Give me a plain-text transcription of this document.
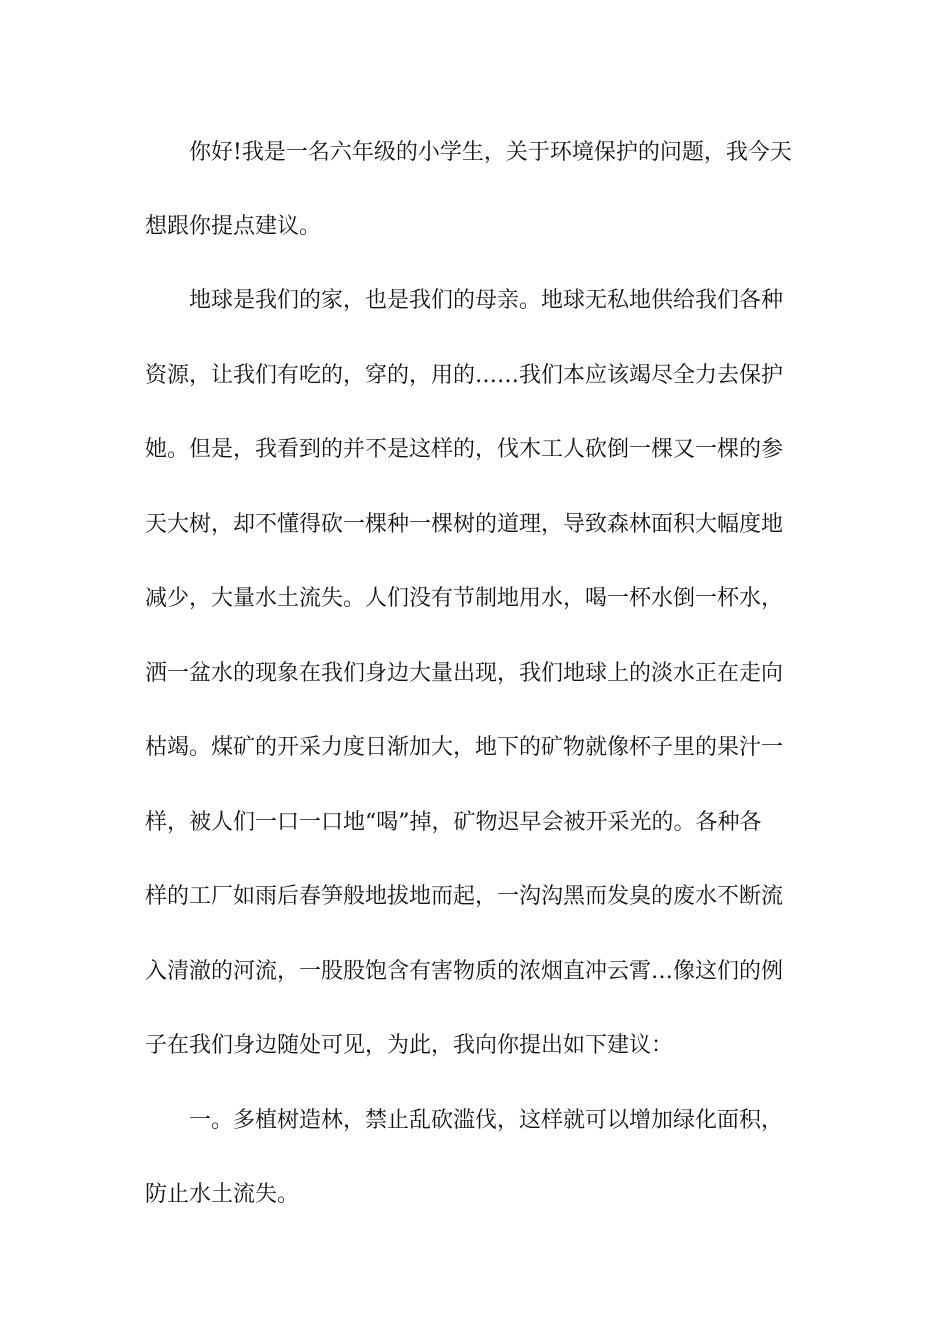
你好!我是一名六年级的小学生，关于环境保护的问题，我今天
想跟你提点建议。
地球是我们的家，也是我们的母亲。地球无私地供给我们各种
资源，让我们有吃的，穿的，用的……我们本应该竭尽全力去保护
她。但是，我看到的并不是这样的，伐木工人砍倒一棵又一棵的参
天大树，却不懂得砍一棵种一棵树的道理，导致森林面积大幅度地
减少，大量水土流失。人们没有节制地用水，喝一杯水倒一杯水，
洒一盆水的现象在我们身边大量出现，我们地球上的淡水正在走向
枯竭。煤矿的开采力度日渐加大，地下的矿物就像杯子里的果汁一
样，被人们一口一口地“喝”掉，矿物迟早会被开采光的。各种各
样的工厂如雨后春笋般地拔地而起，一沟沟黑而发臭的废水不断流
入清澈的河流，一股股饱含有害物质的浓烟直冲云霄…像这们的例
子在我们身边随处可见，为此，我向你提出如下建议：
一。多植树造林，禁止乱砍滥伐，这样就可以增加绿化面积，
防止水土流失。
